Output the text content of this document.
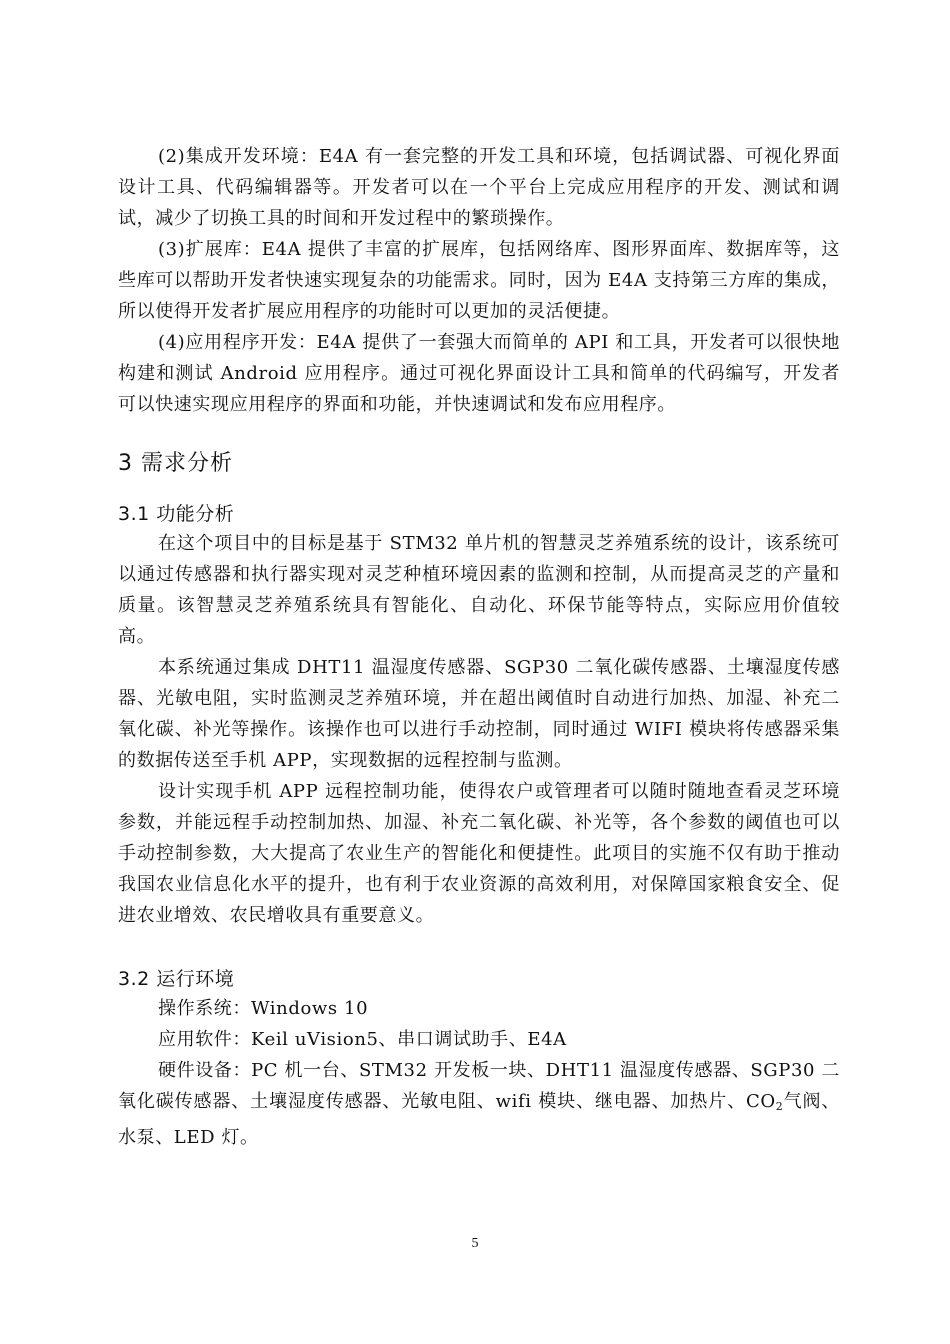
(2)集成开发环境：E4A 有一套完整的开发工具和环境，包括调试器、可视化界面设计工具、代码编辑器等。开发者可以在一个平台上完成应用程序的开发、测试和调试，减少了切换工具的时间和开发过程中的繁琐操作。

(3)扩展库：E4A 提供了丰富的扩展库，包括网络库、图形界面库、数据库等，这些库可以帮助开发者快速实现复杂的功能需求。同时，因为 E4A 支持第三方库的集成，所以使得开发者扩展应用程序的功能时可以更加的灵活便捷。

(4)应用程序开发：E4A 提供了一套强大而简单的 API 和工具，开发者可以很快地构建和测试 Android 应用程序。通过可视化界面设计工具和简单的代码编写，开发者可以快速实现应用程序的界面和功能，并快速调试和发布应用程序。

3 需求分析
3.1 功能分析

在这个项目中的目标是基于 STM32 单片机的智慧灵芝养殖系统的设计，该系统可以通过传感器和执行器实现对灵芝种植环境因素的监测和控制，从而提高灵芝的产量和质量。该智慧灵芝养殖系统具有智能化、自动化、环保节能等特点，实际应用价值较高。

本系统通过集成 DHT11 温湿度传感器、SGP30 二氧化碳传感器、土壤湿度传感器、光敏电阻，实时监测灵芝养殖环境，并在超出阈值时自动进行加热、加湿、补充二氧化碳、补光等操作。该操作也可以进行手动控制，同时通过 WIFI 模块将传感器采集的数据传送至手机 APP，实现数据的远程控制与监测。

设计实现手机 APP 远程控制功能，使得农户或管理者可以随时随地查看灵芝环境参数，并能远程手动控制加热、加湿、补充二氧化碳、补光等，各个参数的阈值也可以手动控制参数，大大提高了农业生产的智能化和便捷性。此项目的实施不仅有助于推动我国农业信息化水平的提升，也有利于农业资源的高效利用，对保障国家粮食安全、促进农业增效、农民增收具有重要意义。

3.2 运行环境

操作系统：Windows 10

应用软件：Keil uVision5、串口调试助手、E4A

硬件设备：PC 机一台、STM32 开发板一块、DHT11 温湿度传感器、SGP30 二氧化碳传感器、土壤湿度传感器、光敏电阻、wifi 模块、继电器、加热片、$CO_2$气阀、水泵、LED 灯。

5
